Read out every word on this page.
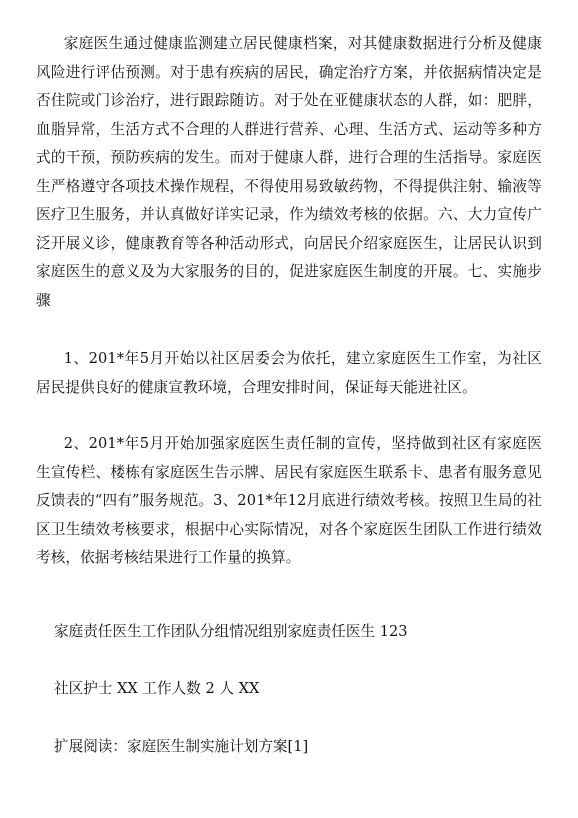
家庭医生通过健康监测建立居民健康档案，对其健康数据进行分析及健康风险进行评估预测。对于患有疾病的居民，确定治疗方案，并依据病情决定是否住院或门诊治疗，进行跟踪随访。对于处在亚健康状态的人群，如：肥胖，血脂异常，生活方式不合理的人群进行营养、心理、生活方式、运动等多种方式的干预，预防疾病的发生。而对于健康人群，进行合理的生活指导。家庭医生严格遵守各项技术操作规程，不得使用易致敏药物，不得提供注射、输液等医疗卫生服务，并认真做好详实记录，作为绩效考核的依据。六、大力宣传广泛开展义诊，健康教育等各种活动形式，向居民介绍家庭医生，让居民认识到家庭医生的意义及为大家服务的目的，促进家庭医生制度的开展。七、实施步骤

1、201*年5月开始以社区居委会为依托，建立家庭医生工作室，为社区居民提供良好的健康宣教环境，合理安排时间，保证每天能进社区。

2、201*年5月开始加强家庭医生责任制的宣传，坚持做到社区有家庭医生宣传栏、楼栋有家庭医生告示牌、居民有家庭医生联系卡、患者有服务意见反馈表的“四有”服务规范。3、201*年12月底进行绩效考核。按照卫生局的社区卫生绩效考核要求，根据中心实际情况，对各个家庭医生团队工作进行绩效考核，依据考核结果进行工作量的换算。

家庭责任医生工作团队分组情况组别家庭责任医生 123
社区护士 XX 工作人数 2 人 XX
扩展阅读：家庭医生制实施计划方案[1]
